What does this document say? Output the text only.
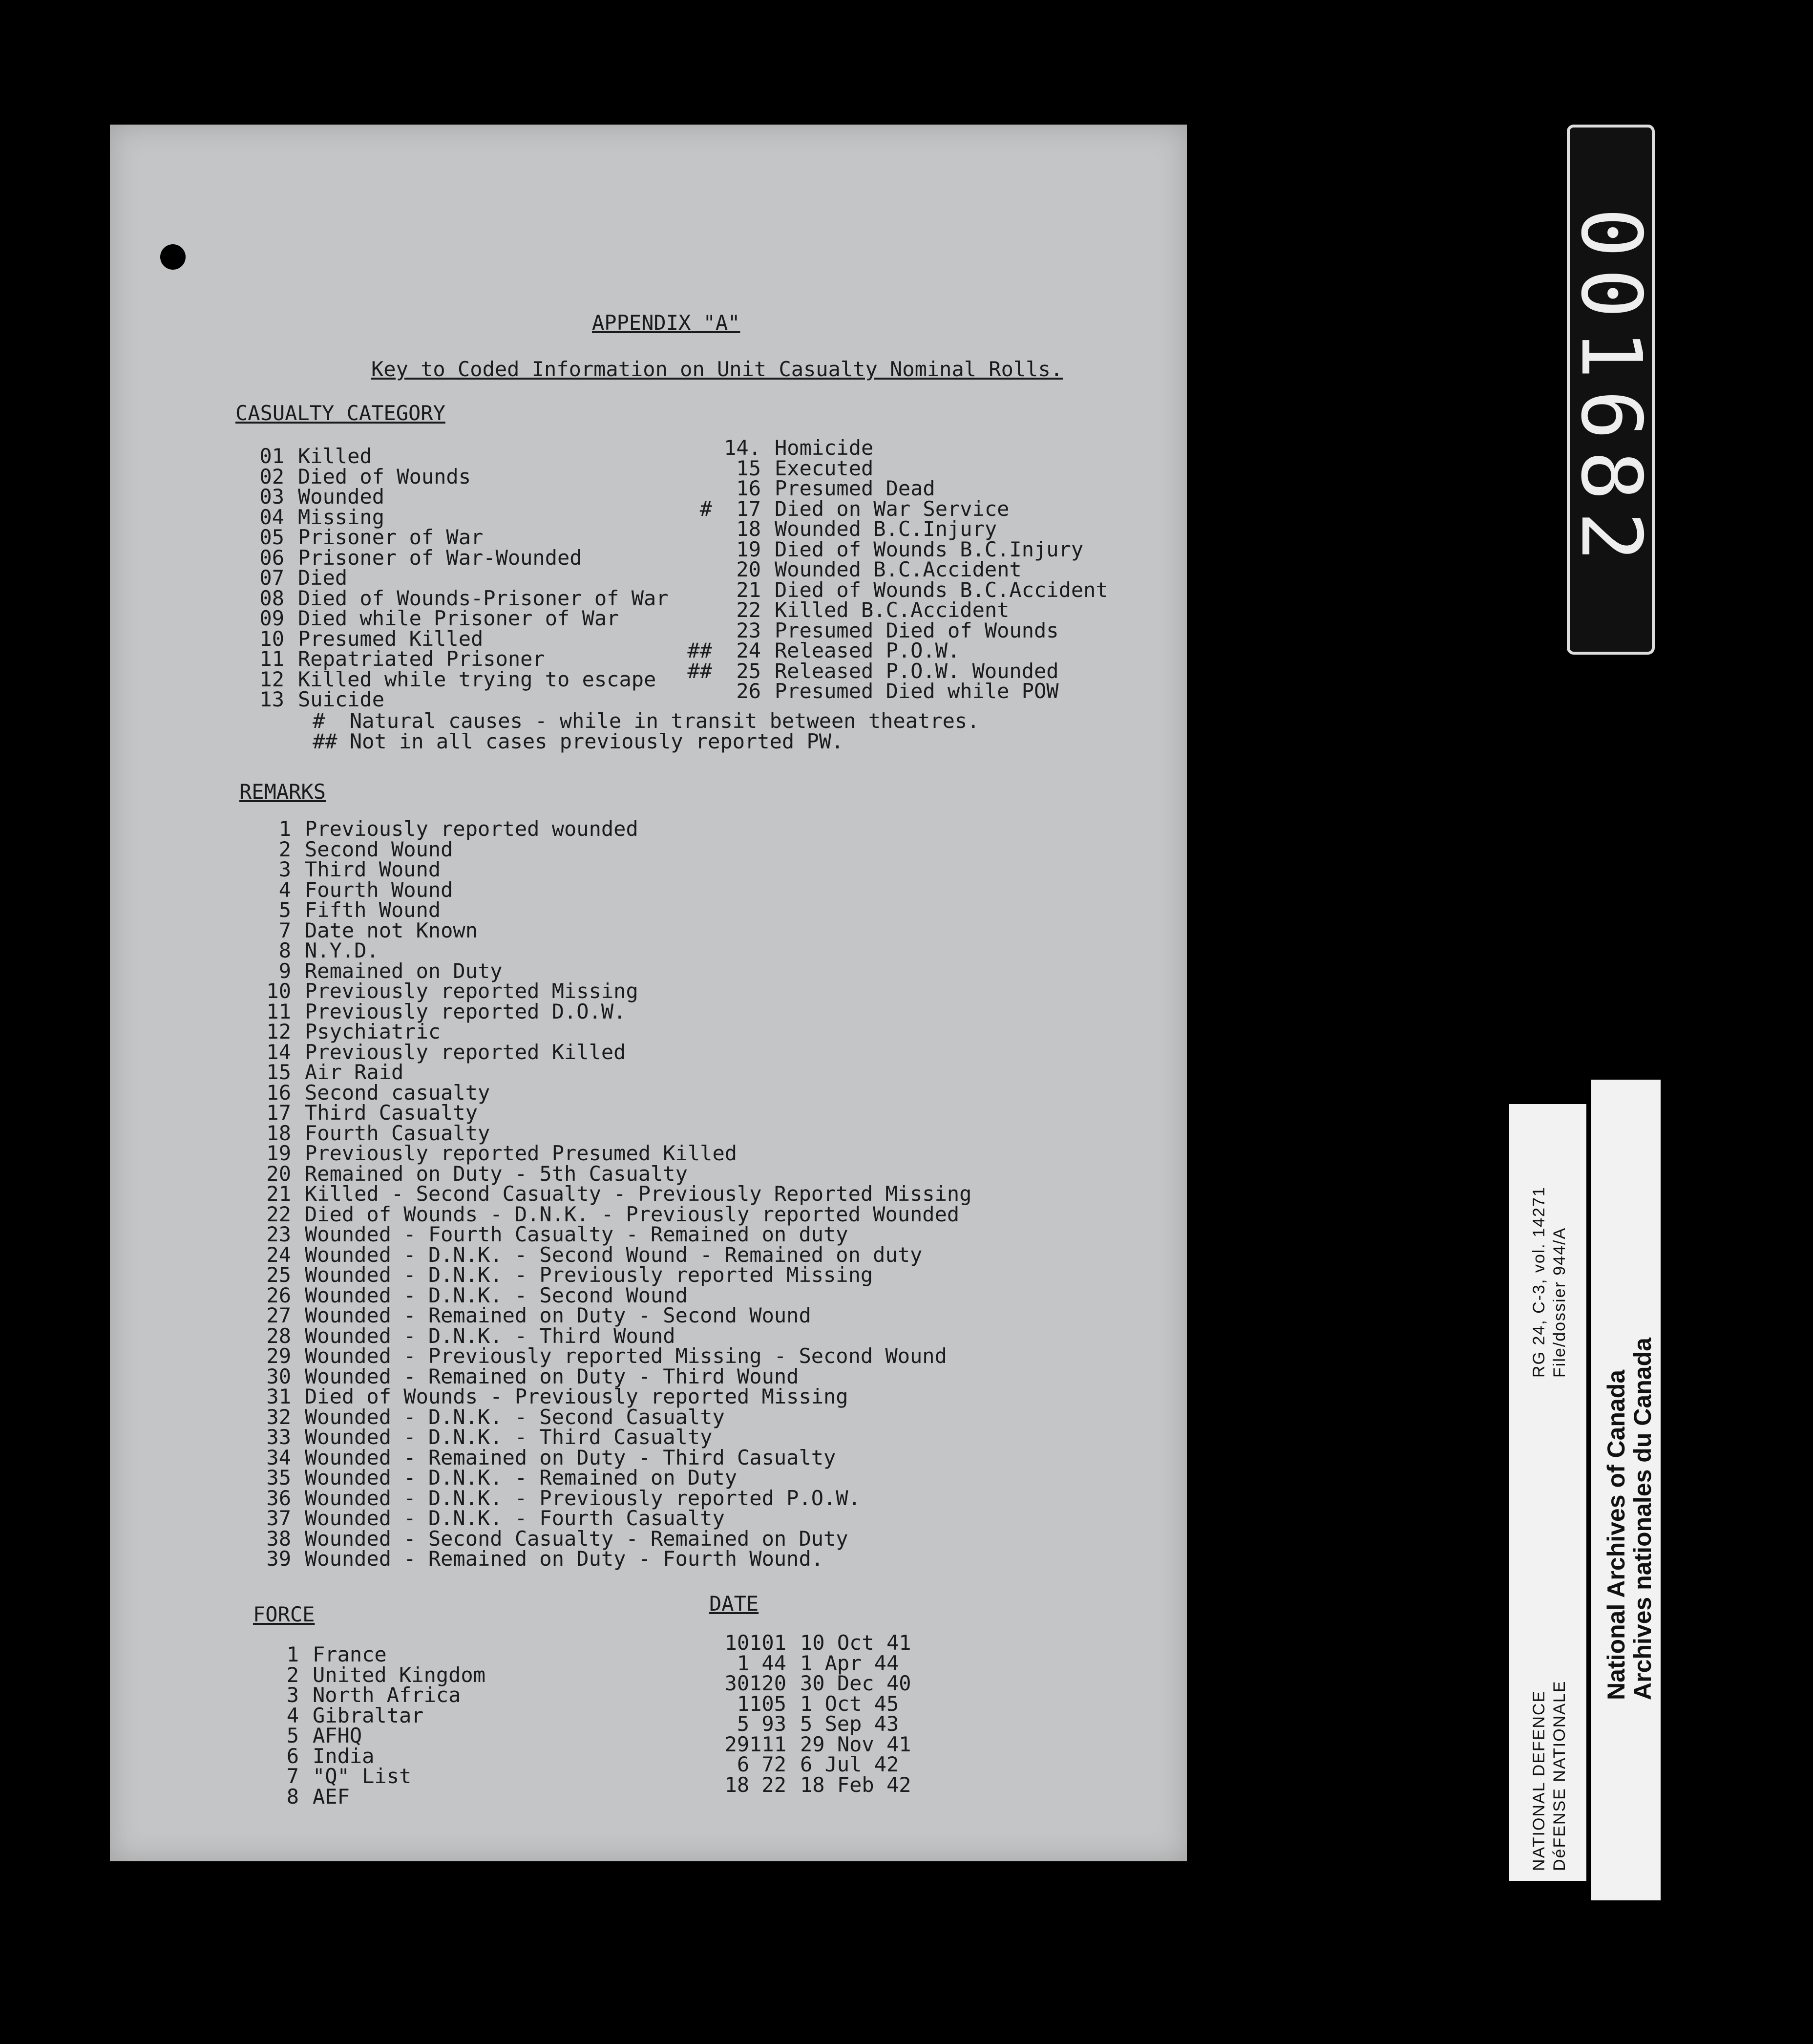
APPENDIX "A"
Key to Coded Information on Unit Casualty Nominal Rolls.
CASUALTY CATEGORY
01 Killed
02 Died of Wounds
03 Wounded
04 Missing
05 Prisoner of War
06 Prisoner of War-Wounded
07 Died
08 Died of Wounds-Prisoner of War
09 Died while Prisoner of War
10 Presumed Killed
11 Repatriated Prisoner
12 Killed while trying to escape
13 Suicide
14. Homicide
15 Executed
16 Presumed Dead
# 17 Died on War Service
18 Wounded B.C.Injury
19 Died of Wounds B.C.Injury
20 Wounded B.C.Accident
21 Died of Wounds B.C.Accident
22 Killed B.C.Accident
23 Presumed Died of Wounds
## 24 Released P.O.W.
## 25 Released P.O.W. Wounded
26 Presumed Died while POW
#  Natural causes - while in transit between theatres.
## Not in all cases previously reported PW.
REMARKS
1 Previously reported wounded
2 Second Wound
3 Third Wound
4 Fourth Wound
5 Fifth Wound
7 Date not Known
8 N.Y.D.
9 Remained on Duty
10 Previously reported Missing
11 Previously reported D.O.W.
12 Psychiatric
14 Previously reported Killed
15 Air Raid
16 Second casualty
17 Third Casualty
18 Fourth Casualty
19 Previously reported Presumed Killed
20 Remained on Duty - 5th Casualty
21 Killed - Second Casualty - Previously Reported Missing
22 Died of Wounds - D.N.K. - Previously reported Wounded
23 Wounded - Fourth Casualty - Remained on duty
24 Wounded - D.N.K. - Second Wound - Remained on duty
25 Wounded - D.N.K. - Previously reported Missing
26 Wounded - D.N.K. - Second Wound
27 Wounded - Remained on Duty - Second Wound
28 Wounded - D.N.K. - Third Wound
29 Wounded - Previously reported Missing - Second Wound
30 Wounded - Remained on Duty - Third Wound
31 Died of Wounds - Previously reported Missing
32 Wounded - D.N.K. - Second Casualty
33 Wounded - D.N.K. - Third Casualty
34 Wounded - Remained on Duty - Third Casualty
35 Wounded - D.N.K. - Remained on Duty
36 Wounded - D.N.K. - Previously reported P.O.W.
37 Wounded - D.N.K. - Fourth Casualty
38 Wounded - Second Casualty - Remained on Duty
39 Wounded - Remained on Duty - Fourth Wound.
FORCE
1 France
2 United Kingdom
3 North Africa
4 Gibraltar
5 AFHQ
6 India
7 "Q" List
8 AEF
DATE
10101 10 Oct 41
1 44 1 Apr 44
30120 30 Dec 40
1105 1 Oct 45
5 93 5 Sep 43
29111 29 Nov 41
6 72 6 Jul 42
18 22 18 Feb 42
001682
NATIONAL DEFENCE DéFENSE NATIONALE
RG 24, C-3, vol. 14271 File/dossier 944/A
National Archives of Canada
Archives nationales du Canada
